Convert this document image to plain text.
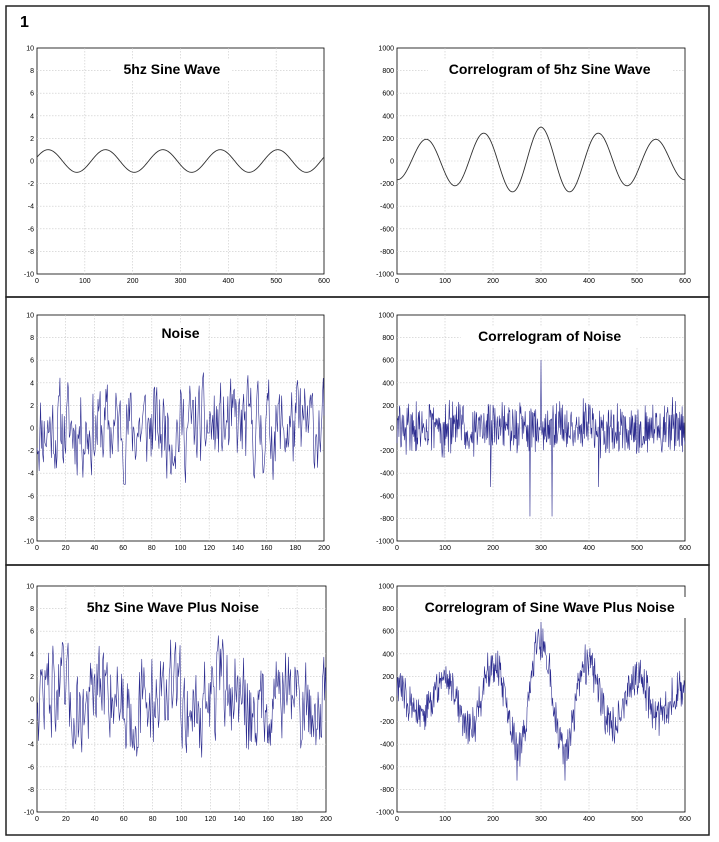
1
0	100	200	300	400	500	600
10
8
6
4
2
0
-2
-4
-6
-8
-10
5hz Sine Wave
0	100	200	300	400	500	600
1000
800
600
400
200
0
-200
-400
-600
-800
-1000
Correlogram of 5hz Sine Wave
0	20	40	60	80	100 120 140 160 180 200
10
8
6
4
2
0
-2
-4
-6
-8
-10
Noise
0	100	200	300	400	500	600
1000
800
600
400
200
0
-200
-400
-600
-800
-1000
Correlogram of Noise
0	20	40	60	80	100 120 140 160 180 200
10
8
6
4
2
0
-2
-4
-6
-8
-10
5hz Sine Wave Plus Noise
0	100	200	300	400	500	600
1000
800
600
400
200
0
-200
-400
-600
-800
-1000
Correlogram of Sine Wave Plus Noise
